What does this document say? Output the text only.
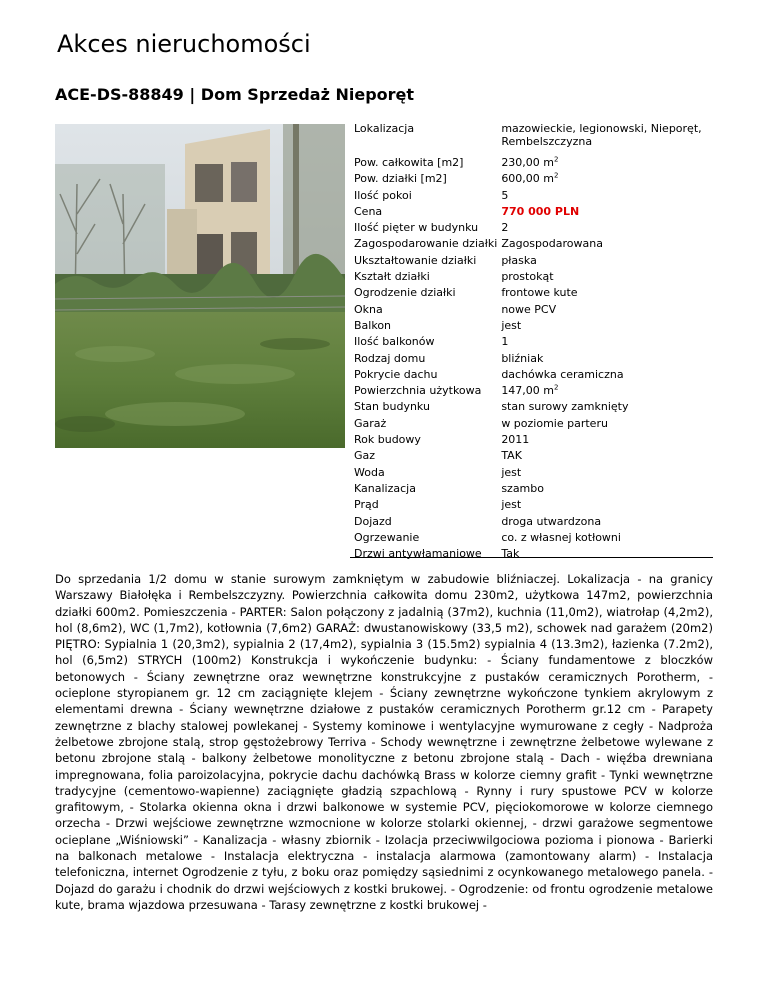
Akces nieruchomości
ACE-DS-88849 | Dom Sprzedaż Nieporęt
Lokalizacja	mazowieckie, legionowski, Nieporęt, Rembelszczyzna
Pow. całkowita [m2]	230,00 $m^2$
Pow. działki [m2]	600,00 $m^2$
Ilość pokoi	5
Cena	770 000 PLN
Ilość pięter w budynku	2
Zagospodarowanie działki	Zagospodarowana
Ukształtowanie działki	płaska
Kształt działki	prostokąt
Ogrodzenie działki	frontowe kute
Okna	nowe PCV
Balkon	jest
Ilość balkonów	1
Rodzaj domu	bliźniak
Pokrycie dachu	dachówka ceramiczna
Powierzchnia użytkowa	147,00 $m^2$
Stan budynku	stan surowy zamknięty
Garaż	w poziomie parteru
Rok budowy	2011
Gaz	TAK
Woda	jest
Kanalizacja	szambo
Prąd	jest
Dojazd	droga utwardzona
Ogrzewanie	co. z własnej kotłowni
Drzwi antywłamaniowe	Tak
Do sprzedania 1/2 domu w stanie surowym zamkniętym w zabudowie bliźniaczej. Lokalizacja - na granicy Warszawy Białołęka i Rembelszczyzny. Powierzchnia całkowita domu 230m2, użytkowa 147m2, powierzchnia działki 600m2. Pomieszczenia - PARTER: Salon połączony z jadalnią (37m2), kuchnia (11,0m2), wiatrołap (4,2m2), hol (8,6m2), WC (1,7m2), kotłownia (7,6m2) GARAŻ: dwustanowiskowy (33,5 m2), schowek nad garażem (20m2) PIĘTRO: Sypialnia 1 (20,3m2), sypialnia 2 (17,4m2), sypialnia 3 (15.5m2) sypialnia 4 (13.3m2), łazienka (7.2m2), hol (6,5m2) STRYCH (100m2) Konstrukcja i wykończenie budynku: - Ściany fundamentowe z bloczków betonowych - Ściany zewnętrzne oraz wewnętrzne konstrukcyjne z pustaków ceramicznych Porotherm, - ocieplone styropianem gr. 12 cm zaciągnięte klejem - Ściany zewnętrzne wykończone tynkiem akrylowym z elementami drewna - Ściany wewnętrzne działowe z pustaków ceramicznych Porotherm gr.12 cm - Parapety zewnętrzne z blachy stalowej powlekanej - Systemy kominowe i wentylacyjne wymurowane z cegły - Nadproża żelbetowe zbrojone stalą, strop gęstożebrowy Terriva - Schody wewnętrzne i zewnętrzne żelbetowe wylewane z betonu zbrojone stalą - balkony żelbetowe monolityczne z betonu zbrojone stalą - Dach - więźba drewniana impregnowana, folia paroizolacyjna, pokrycie dachu dachówką Brass w kolorze ciemny grafit - Tynki wewnętrzne tradycyjne (cementowo-wapienne) zaciągnięte gładzią szpachlową - Rynny i rury spustowe PCV w kolorze grafitowym, - Stolarka okienna okna i drzwi balkonowe w systemie PCV, pięciokomorowe w kolorze ciemnego orzecha - Drzwi wejściowe zewnętrzne wzmocnione w kolorze stolarki okiennej, - drzwi garażowe segmentowe ocieplane „Wiśniowski” - Kanalizacja - własny zbiornik - Izolacja przeciwwilgociowa pozioma i pionowa - Barierki na balkonach metalowe - Instalacja elektryczna - instalacja alarmowa (zamontowany alarm) - Instalacja telefoniczna, internet Ogrodzenie z tyłu, z boku oraz pomiędzy sąsiednimi z ocynkowanego metalowego panela. - Dojazd do garażu i chodnik do drzwi wejściowych z kostki brukowej. - Ogrodzenie: od frontu ogrodzenie metalowe kute, brama wjazdowa przesuwana - Tarasy zewnętrzne z kostki brukowej -
